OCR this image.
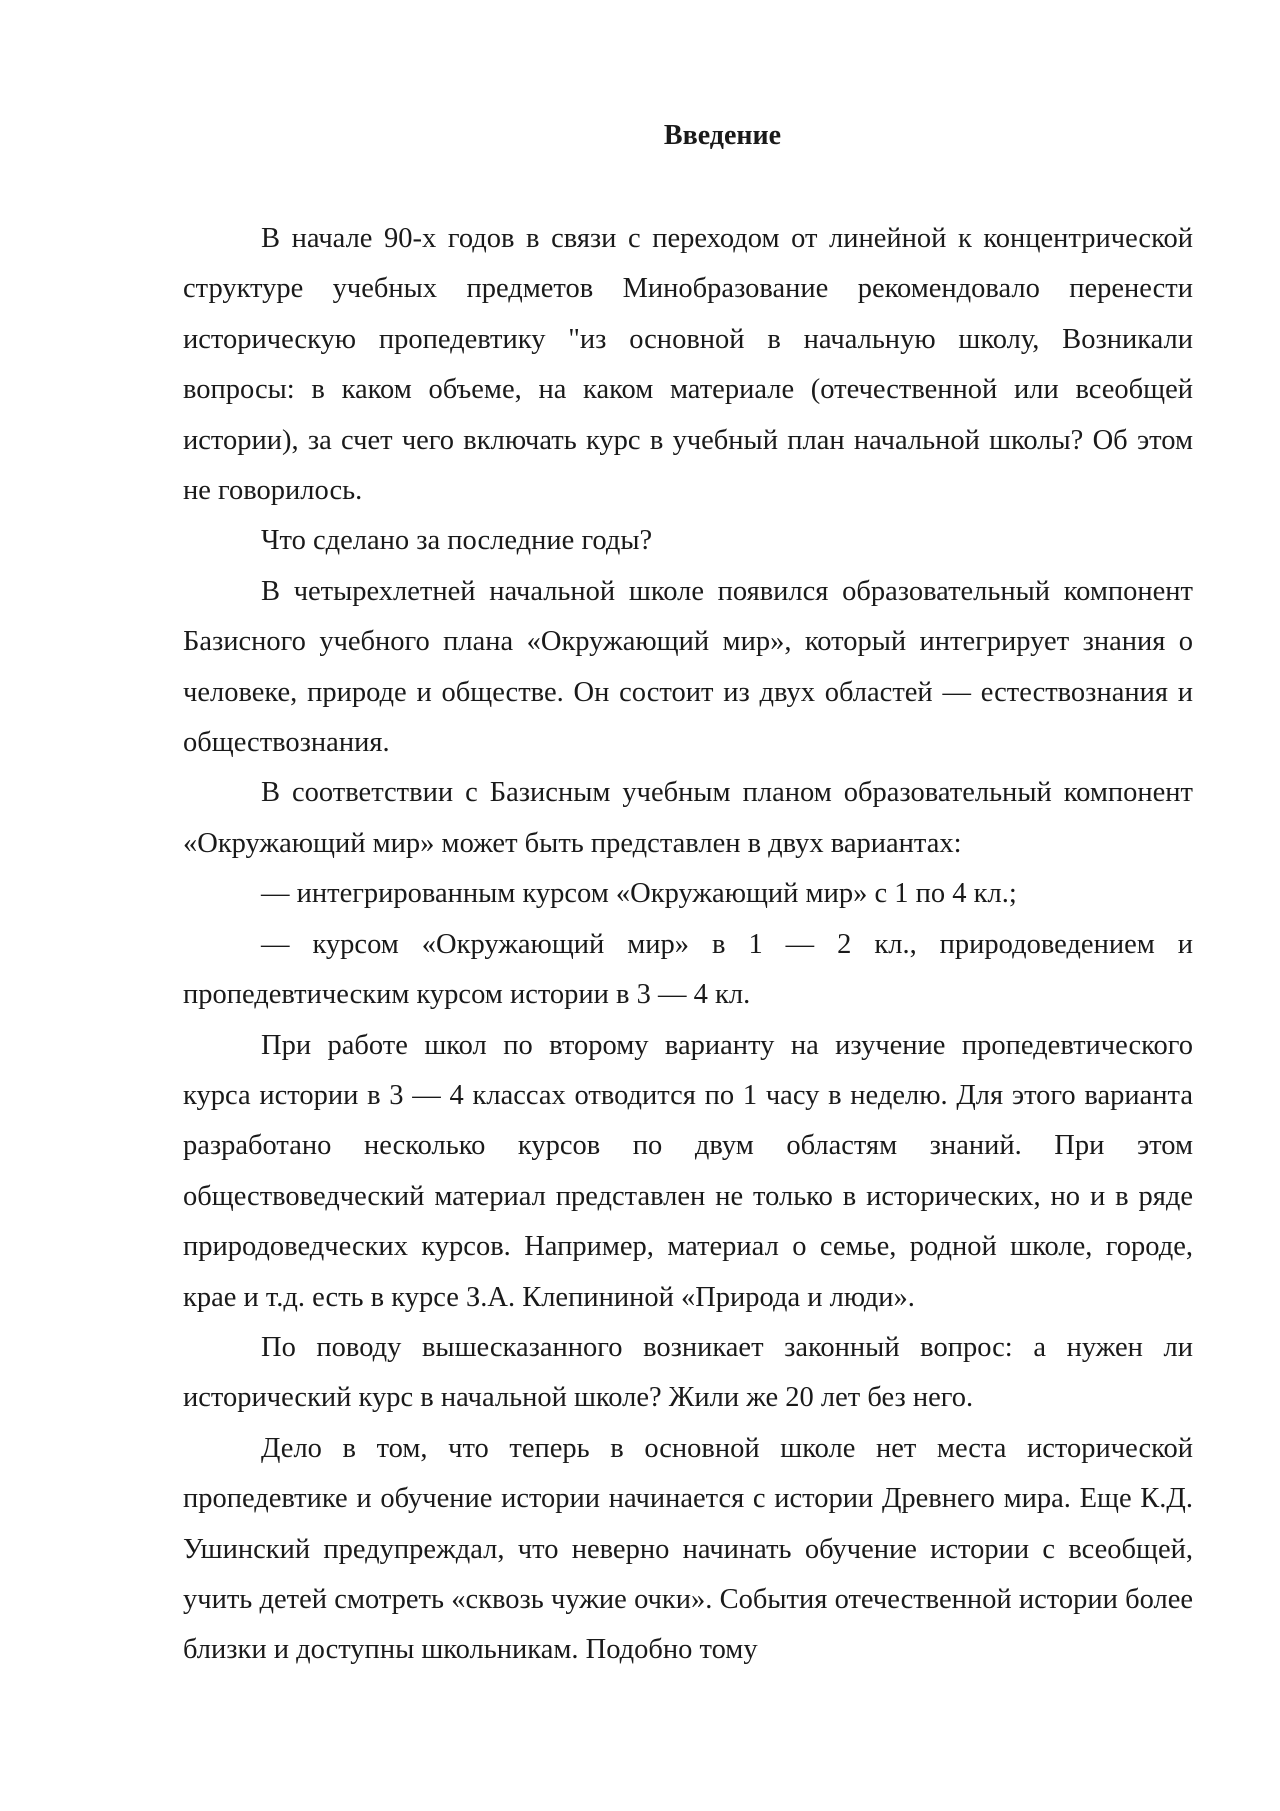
Введение

В начале 90-х годов в связи с переходом от линейной к концентрической структуре учебных предметов Минобразование рекомендовало перенести историческую пропедевтику "из основной в начальную школу, Возникали вопросы: в каком объеме, на каком материале (отечественной или всеобщей истории), за счет чего включать курс в учебный план начальной школы? Об этом не говорилось.

Что сделано за последние годы?

В четырехлетней начальной школе появился образовательный компонент Базисного учебного плана «Окружающий мир», который интегрирует знания о человеке, природе и обществе. Он состоит из двух областей — естествознания и обществознания.

В соответствии с Базисным учебным планом образовательный компонент «Окружающий мир» может быть представлен в двух вариантах:

— интегрированным курсом «Окружающий мир» с 1 по 4 кл.;

— курсом «Окружающий мир» в 1 — 2 кл., природоведением и пропедевтическим курсом истории в 3 — 4 кл.

При работе школ по второму варианту на изучение пропедевтического курса истории в 3 — 4 классах отводится по 1 часу в неделю. Для этого варианта разработано несколько курсов по двум областям знаний. При этом обществоведческий материал представлен не только в исторических, но и в ряде природоведческих курсов. Например, материал о семье, родной школе, городе, крае и т.д. есть в курсе З.А. Клепининой «Природа и люди».

По поводу вышесказанного возникает законный вопрос: а нужен ли исторический курс в начальной школе? Жили же 20 лет без него.

Дело в том, что теперь в основной школе нет места исторической пропедевтике и обучение истории начинается с истории Древнего мира. Еще К.Д. Ушинский предупреждал, что неверно начинать обучение истории с всеобщей, учить детей смотреть «сквозь чужие очки». События отечественной истории более близки и доступны школьникам. Подобно тому
